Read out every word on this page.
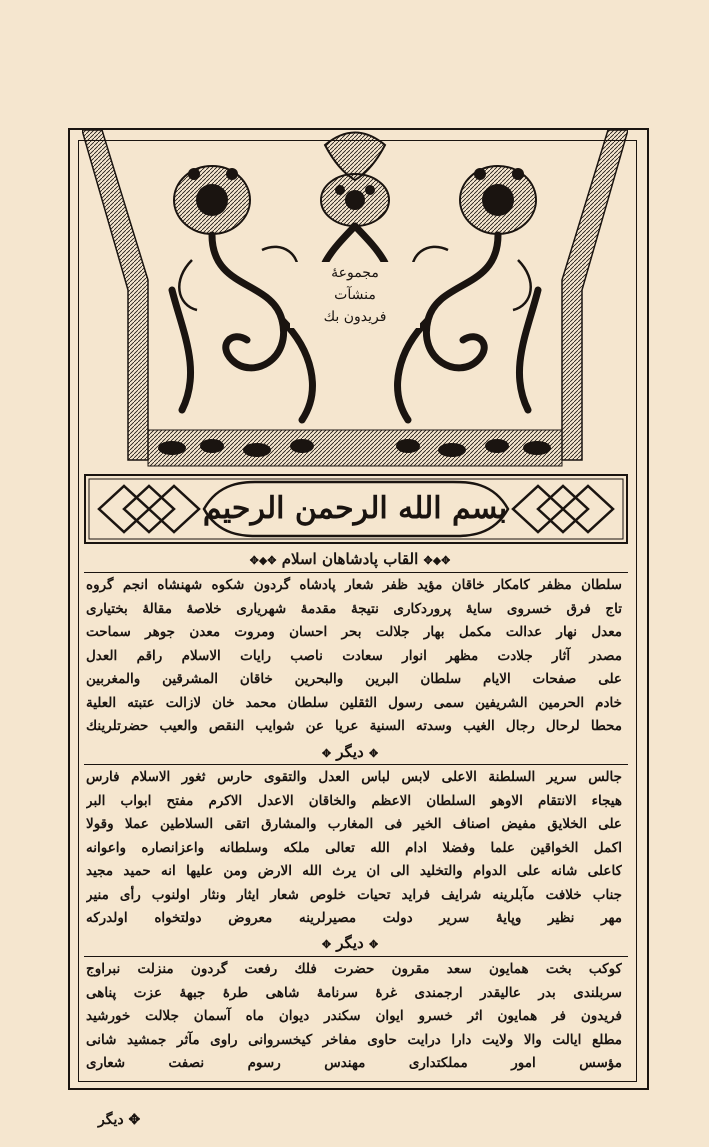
مجموعهٔ
منشآت
فریدون بك
بسم الله الرحمن الرحيم
✥◆✥ القاب پادشاهان اسلام ✥◆✥
سلطان مظفر کامکار خاقان مؤید ظفر شعار پادشاه گردون شکوه شهنشاه انجم گروه
تاج فرق خسروی سایهٔ پروردکاری نتیجهٔ مقدمهٔ شهریاری خلاصهٔ مقالهٔ بختیاری
معدل نهار عدالت مکمل بهار جلالت بحر احسان ومروت معدن جوهر سماحت
مصدر آثار جلادت مظهر انوار سعادت ناصب رایات الاسلام راقم العدل
علی صفحات الایام سلطان البرین والبحرین خاقان المشرقین والمغربین
خادم الحرمین الشریفین سمی رسول الثقلین سلطان محمد خان لازالت عتبته العلیة
محطا لرحال رجال الغیب وسدته السنیة عریا عن شوایب النقص والعیب حضرتلرینك
✥ دیگر ✥
جالس سریر السلطنة الاعلی لابس لباس العدل والتقوی حارس ثغور الاسلام فارس
هیجاء الانتقام الاوهو السلطان الاعظم والخاقان الاعدل الاکرم مفتح ابواب البر
علی الخلایق مفیض اصناف الخیر فی المغارب والمشارق اتقی السلاطین عملا وقولا
اکمل الخواقین علما وفضلا ادام الله تعالی ملکه وسلطانه واعزانصاره واعوانه
کاعلی شانه علی الدوام والتخلید الی ان یرث الله الارض ومن علیها انه حمید مجید
جناب خلافت مآبلرینه شرایف فراید تحیات خلوص شعار ایثار ونثار اولنوب رأی منیر
مهر نظیر وپایهٔ سریر دولت مصیرلرینه معروض دولتخواه اولدرکه
✥ دیگر ✥
کوکب بخت همایون سعد مقرون حضرت فلك رفعت گردون منزلت نبراوج
سربلندی بدر عالیقدر ارجمندی غرهٔ سرنامهٔ شاهی طرهٔ جبههٔ عزت پناهی
فریدون فر همایون اثر خسرو ایوان سکندر دیوان ماه آسمان جلالت خورشید
مطلع ایالت والا ولایت دارا درایت حاوی مفاخر کیخسروانی راوی مآثر جمشید شانی
مؤسس امور مملکتداری مهندس رسوم نصفت شعاری
✥ دیگر
